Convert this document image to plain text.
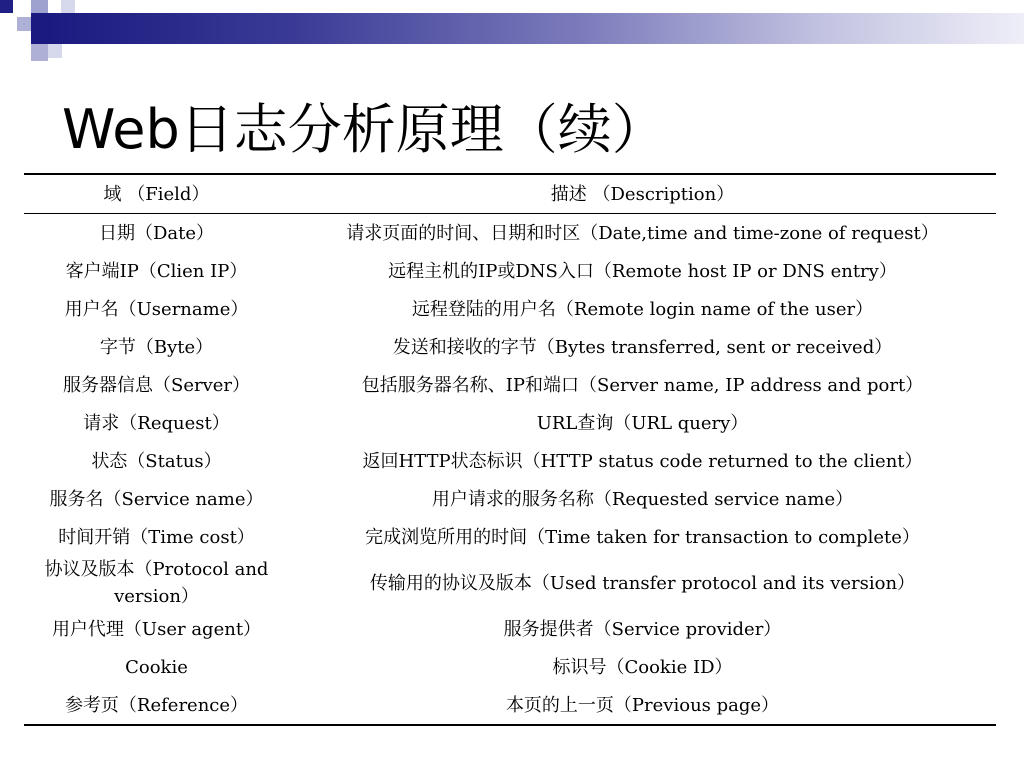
Web日志分析原理（续）
域 （Field）	描述 （Description）
日期（Date）	请求页面的时间、日期和时区（Date,time and time-zone of request）
客户端IP（Clien IP）	远程主机的IP或DNS入口（Remote host IP or DNS entry）
用户名（Username）	远程登陆的用户名（Remote login name of the user）
字节（Byte）	发送和接收的字节（Bytes transferred, sent or received）
服务器信息（Server）	包括服务器名称、IP和端口（Server name, IP address and port）
请求（Request）	URL查询（URL query）
状态（Status）	返回HTTP状态标识（HTTP status code returned to the client）
服务名（Service name）	用户请求的服务名称（Requested service name）
时间开销（Time cost）	完成浏览所用的时间（Time taken for transaction to complete）
协议及版本（Protocol and version）	传输用的协议及版本（Used transfer protocol and its version）
用户代理（User agent）	服务提供者（Service provider）
Cookie	标识号（Cookie ID）
参考页（Reference）	本页的上一页（Previous page）
